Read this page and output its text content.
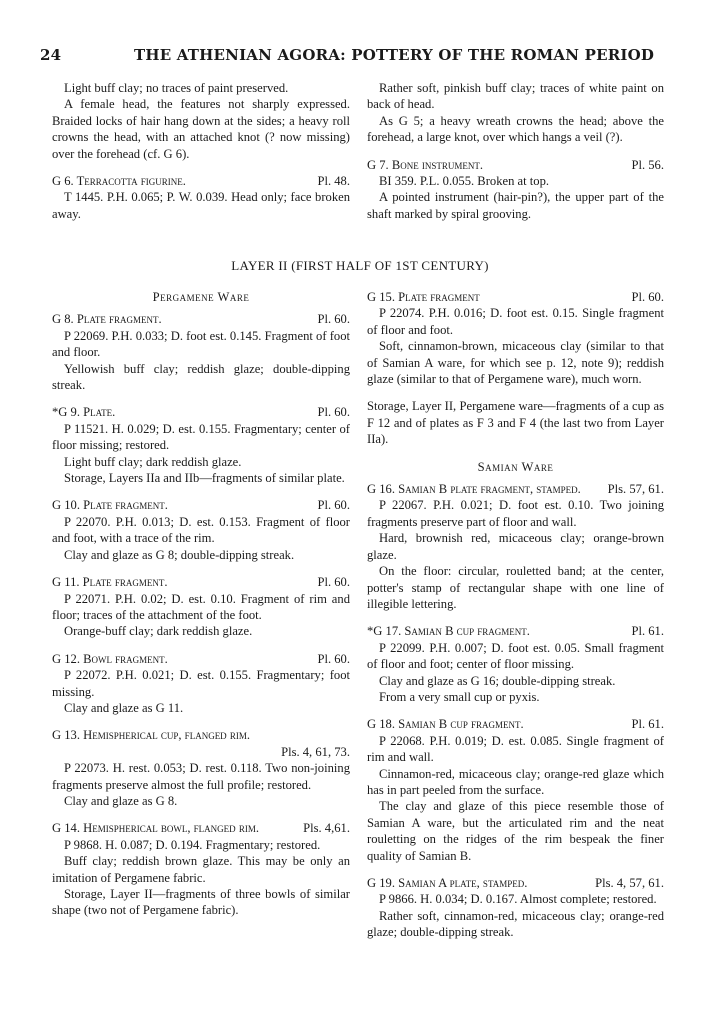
24	THE ATHENIAN AGORA: POTTERY OF THE ROMAN PERIOD

Light buff clay; no traces of paint preserved.

A female head, the features not sharply expressed. Braided locks of hair hang down at the sides; a heavy roll crowns the head, with an attached knot (? now missing) over the forehead (cf. G 6).

G 6. Terracotta figurine.	Pl. 48.

T 1445. P.H. 0.065; P. W. 0.039. Head only; face broken away.

Rather soft, pinkish buff clay; traces of white paint on back of head.

As G 5; a heavy wreath crowns the head; above the forehead, a large knot, over which hangs a veil (?).

G 7. Bone instrument.	Pl. 56.

BI 359. P.L. 0.055. Broken at top.

A pointed instrument (hair-pin?), the upper part of the shaft marked by spiral grooving.

LAYER II (FIRST HALF OF 1ST CENTURY)
Pergamene Ware
G 8. Plate fragment.	Pl. 60.

P 22069. P.H. 0.033; D. foot est. 0.145. Fragment of foot and floor.

Yellowish buff clay; reddish glaze; double-dipping streak.

*G 9. Plate.	Pl. 60.

P 11521. H. 0.029; D. est. 0.155. Fragmentary; center of floor missing; restored.

Light buff clay; dark reddish glaze.

Storage, Layers IIa and IIb—fragments of similar plate.

G 10. Plate fragment.	Pl. 60.

P 22070. P.H. 0.013; D. est. 0.153. Fragment of floor and foot, with a trace of the rim.

Clay and glaze as G 8; double-dipping streak.

G 11. Plate fragment.	Pl. 60.

P 22071. P.H. 0.02; D. est. 0.10. Fragment of rim and floor; traces of the attachment of the foot.

Orange-buff clay; dark reddish glaze.

G 12. Bowl fragment.	Pl. 60.

P 22072. P.H. 0.021; D. est. 0.155. Fragmentary; foot missing.

Clay and glaze as G 11.

G 13. Hemispherical cup, flanged rim.
Pls. 4, 61, 73.

P 22073. H. rest. 0.053; D. rest. 0.118. Two non-joining fragments preserve almost the full profile; restored.

Clay and glaze as G 8.

G 14. Hemispherical bowl, flanged rim.	Pls. 4,61.

P 9868. H. 0.087; D. 0.194. Fragmentary; restored.

Buff clay; reddish brown glaze. This may be only an imitation of Pergamene fabric.

Storage, Layer II—fragments of three bowls of similar shape (two not of Pergamene fabric).

G 15. Plate fragment	Pl. 60.

P 22074. P.H. 0.016; D. foot est. 0.15. Single fragment of floor and foot.

Soft, cinnamon-brown, micaceous clay (similar to that of Samian A ware, for which see p. 12, note 9); reddish glaze (similar to that of Pergamene ware), much worn.

Storage, Layer II, Pergamene ware—fragments of a cup as F 12 and of plates as F 3 and F 4 (the last two from Layer IIa).

Samian Ware
G 16. Samian B plate fragment, stamped. Pls. 57, 61.

P 22067. P.H. 0.021; D. foot est. 0.10. Two joining fragments preserve part of floor and wall.

Hard, brownish red, micaceous clay; orange-brown glaze.

On the floor: circular, rouletted band; at the center, potter's stamp of rectangular shape with one line of illegible lettering.

*G 17. Samian B cup fragment.	Pl. 61.

P 22099. P.H. 0.007; D. foot est. 0.05. Small fragment of floor and foot; center of floor missing.

Clay and glaze as G 16; double-dipping streak.

From a very small cup or pyxis.

G 18. Samian B cup fragment.	Pl. 61.

P 22068. P.H. 0.019; D. est. 0.085. Single fragment of rim and wall.

Cinnamon-red, micaceous clay; orange-red glaze which has in part peeled from the surface.

The clay and glaze of this piece resemble those of Samian A ware, but the articulated rim and the neat rouletting on the ridges of the rim bespeak the finer quality of Samian B.

G 19. Samian A plate, stamped.	Pls. 4, 57, 61.

P 9866. H. 0.034; D. 0.167. Almost complete; restored.

Rather soft, cinnamon-red, micaceous clay; orange-red glaze; double-dipping streak.
